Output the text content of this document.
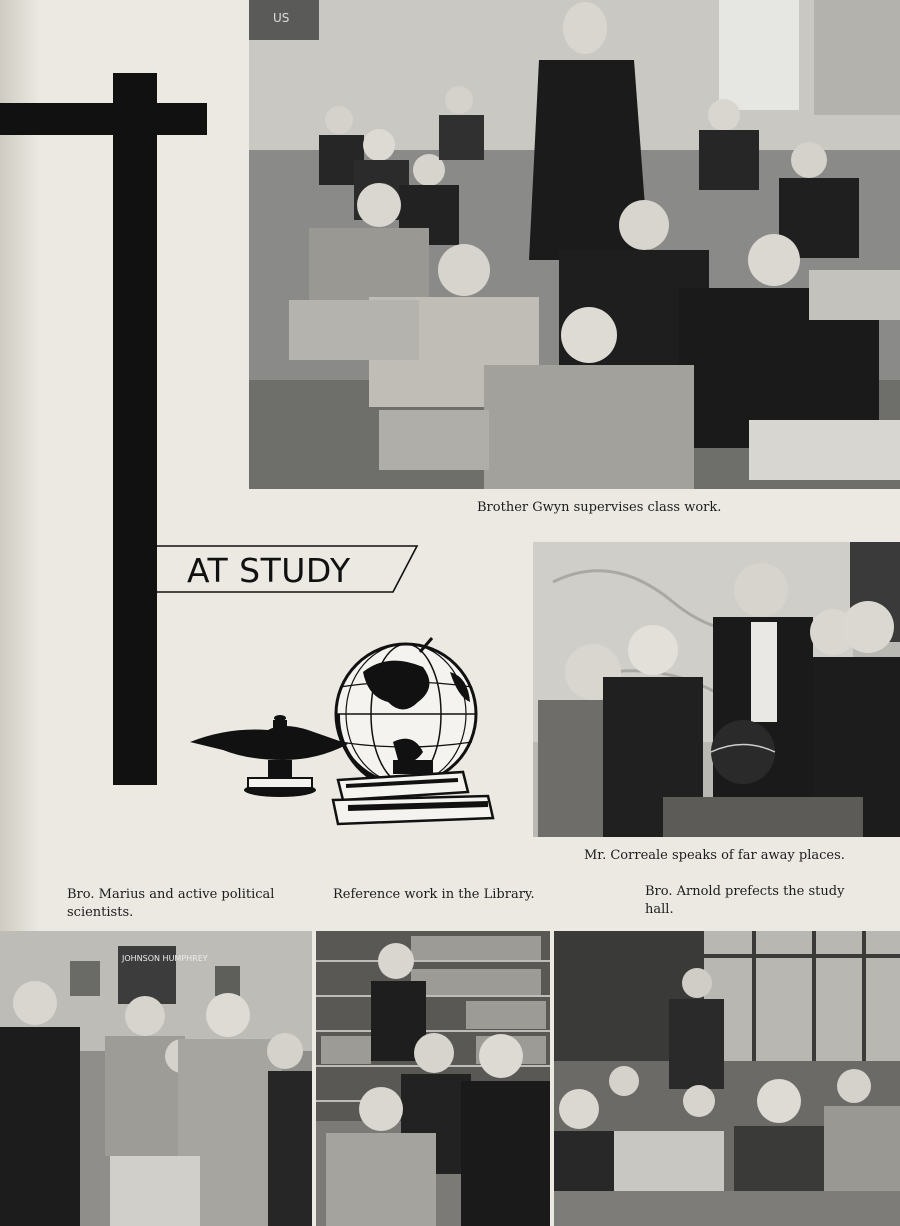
AT STUDY
US
Brother Gwyn supervises class work.
Mr. Correale speaks of far away places.
Bro. Marius and active political scientists.
Reference work in the Library.	Bro. Arnold prefects the study hall.
JOHNSON HUMPHREY
